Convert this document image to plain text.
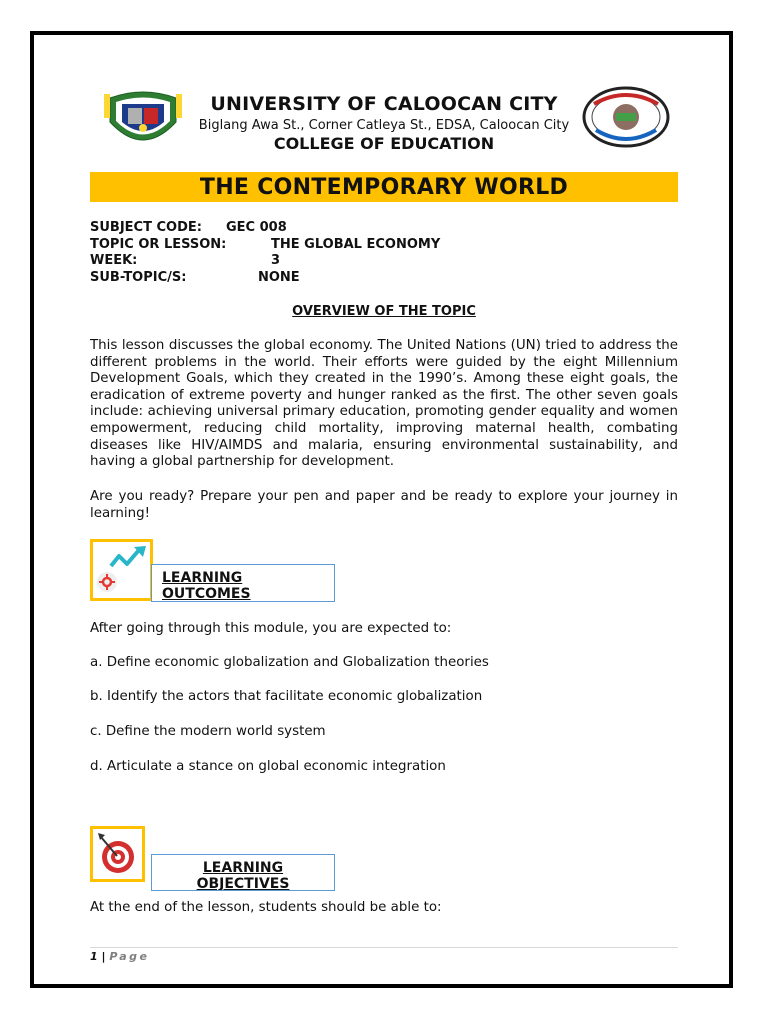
UNIVERSITY OF CALOOCAN CITY
Biglang Awa St., Corner Catleya St., EDSA, Caloocan City
COLLEGE OF EDUCATION
THE CONTEMPORARY WORLD
SUBJECT CODE: GEC 008
TOPIC OR LESSON:	THE GLOBAL ECONOMY
WEEK:	3
SUB-TOPIC/S:	NONE
OVERVIEW OF THE TOPIC

This lesson discusses the global economy. The United Nations (UN) tried to address the different problems in the world. Their efforts were guided by the eight Millennium Development Goals, which they created in the 1990’s. Among these eight goals, the eradication of extreme poverty and hunger ranked as the first. The other seven goals include: achieving universal primary education, promoting gender equality and women empowerment, reducing child mortality, improving maternal health, combating diseases like HIV/AIMDS and malaria, ensuring environmental sustainability, and having a global partnership for development.

Are you ready? Prepare your pen and paper and be ready to explore your journey in learning!

LEARNING
OUTCOMES
After going through this module, you are expected to:
a. Define economic globalization and Globalization theories
b. Identify the actors that facilitate economic globalization
c. Define the modern world system
d. Articulate a stance on global economic integration
LEARNING
OBJECTIVES
At the end of the lesson, students should be able to:
1 | Page
